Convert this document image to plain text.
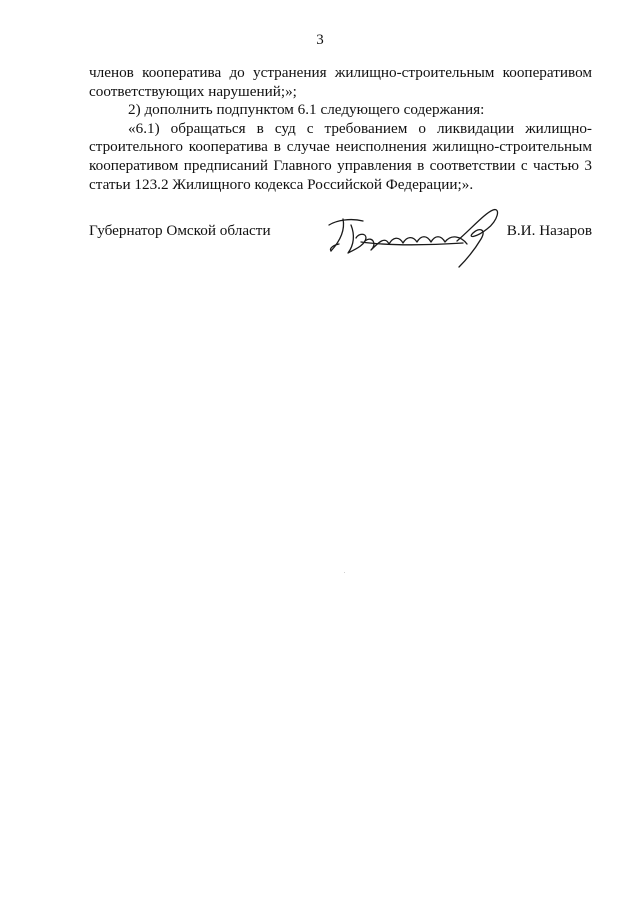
3

членов кооператива до устранения жилищно-строительным кооперативом соответствующих нарушений;»;

2) дополнить подпунктом 6.1 следующего содержания:

«6.1) обращаться в суд с требованием о ликвидации жилищно-строительного кооператива в случае неисполнения жилищно-строительным кооперативом предписаний Главного управления в соответствии с частью 3 статьи 123.2 Жилищного кодекса Российской Федерации;».

Губернатор Омской области	В.И. Назаров
